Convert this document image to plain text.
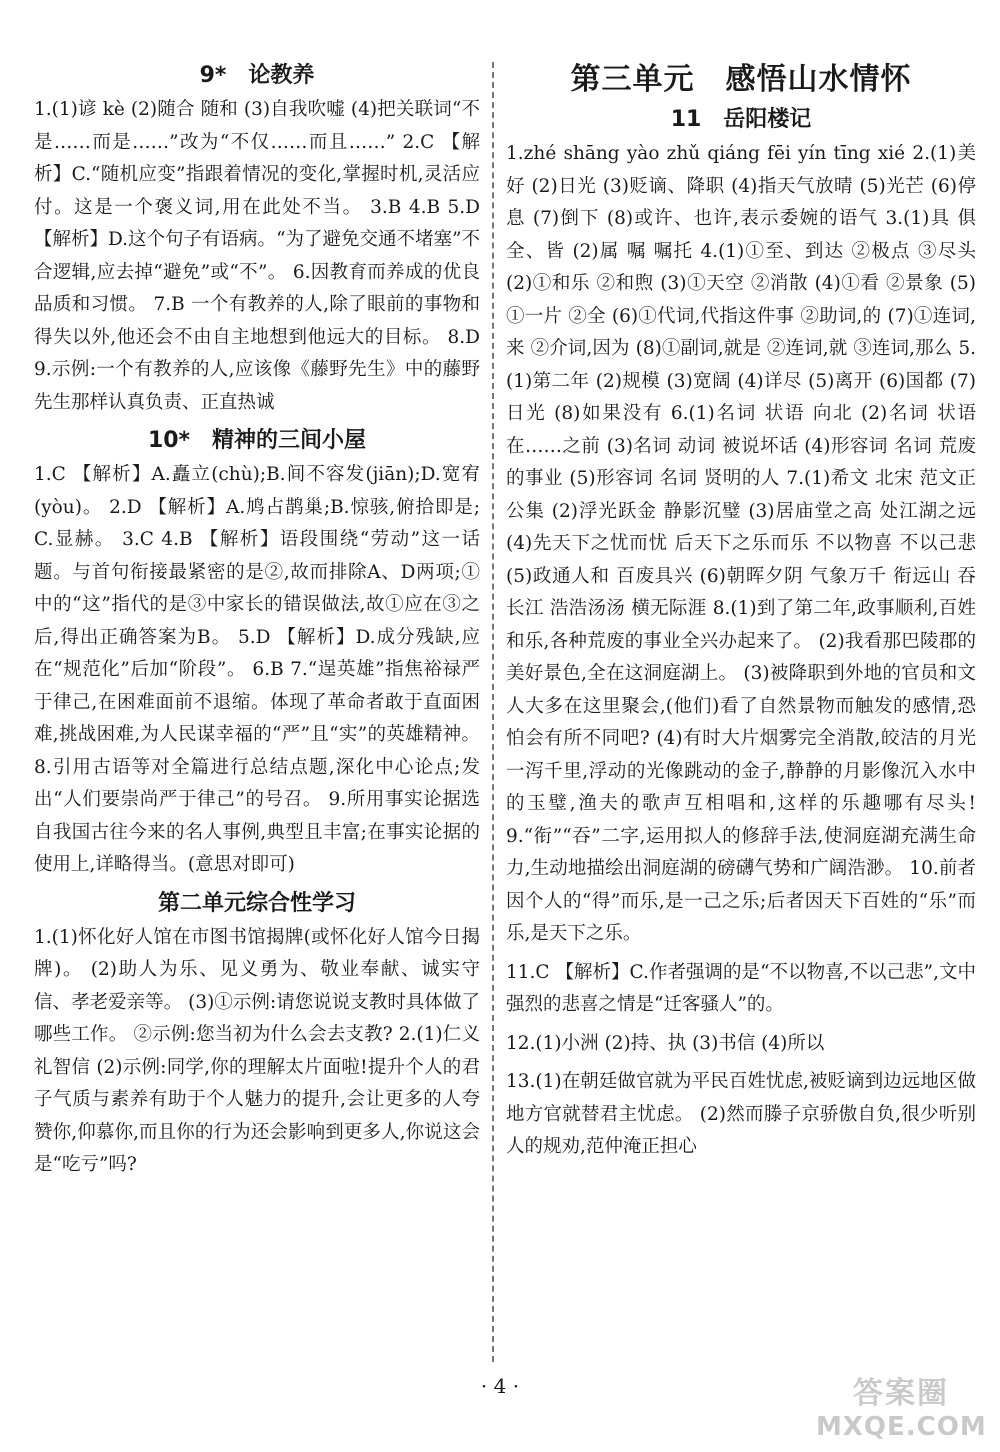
9*　论教养

1.(1)谚 kè (2)随合 随和 (3)自我吹嘘 (4)把关联词“不是……而是……”改为“不仅……而且……” 2.C 【解析】C.“随机应变”指跟着情况的变化,掌握时机,灵活应付。这是一个褒义词,用在此处不当。 3.B 4.B 5.D 【解析】D.这个句子有语病。“为了避免交通不堵塞”不合逻辑,应去掉“避免”或“不”。 6.因教育而养成的优良品质和习惯。 7.B 一个有教养的人,除了眼前的事物和得失以外,他还会不由自主地想到他远大的目标。 8.D 9.示例:一个有教养的人,应该像《藤野先生》中的藤野先生那样认真负责、正直热诚

10*　精神的三间小屋

1.C 【解析】A.矗立(chù);B.间不容发(jiān);D.宽宥(yòu)。 2.D 【解析】A.鸠占鹊巢;B.惊骇,俯拾即是;C.显赫。 3.C 4.B 【解析】语段围绕“劳动”这一话题。与首句衔接最紧密的是②,故而排除A、D两项;①中的“这”指代的是③中家长的错误做法,故①应在③之后,得出正确答案为B。 5.D 【解析】D.成分残缺,应在“规范化”后加“阶段”。 6.B 7.“逞英雄”指焦裕禄严于律己,在困难面前不退缩。体现了革命者敢于直面困难,挑战困难,为人民谋幸福的“严”且“实”的英雄精神。 8.引用古语等对全篇进行总结点题,深化中心论点;发出“人们要崇尚严于律己”的号召。 9.所用事实论据选自我国古往今来的名人事例,典型且丰富;在事实论据的使用上,详略得当。(意思对即可)

第二单元综合性学习

1.(1)怀化好人馆在市图书馆揭牌(或怀化好人馆今日揭牌)。 (2)助人为乐、见义勇为、敬业奉献、诚实守信、孝老爱亲等。 (3)①示例:请您说说支教时具体做了哪些工作。 ②示例:您当初为什么会去支教? 2.(1)仁义礼智信 (2)示例:同学,你的理解太片面啦!提升个人的君子气质与素养有助于个人魅力的提升,会让更多的人夸赞你,仰慕你,而且你的行为还会影响到更多人,你说这会是“吃亏”吗?

第三单元　感悟山水情怀
11　岳阳楼记

1.zhé shāng yào zhǔ qiáng fēi yín tīng xié 2.(1)美好 (2)日光 (3)贬谪、降职 (4)指天气放晴 (5)光芒 (6)停息 (7)倒下 (8)或许、也许,表示委婉的语气 3.(1)具 俱 全、皆 (2)属 嘱 嘱托 4.(1)①至、到达 ②极点 ③尽头 (2)①和乐 ②和煦 (3)①天空 ②消散 (4)①看 ②景象 (5)①一片 ②全 (6)①代词,代指这件事 ②助词,的 (7)①连词,来 ②介词,因为 (8)①副词,就是 ②连词,就 ③连词,那么 5.(1)第二年 (2)规模 (3)宽阔 (4)详尽 (5)离开 (6)国都 (7)日光 (8)如果没有 6.(1)名词 状语 向北 (2)名词 状语 在……之前 (3)名词 动词 被说坏话 (4)形容词 名词 荒废的事业 (5)形容词 名词 贤明的人 7.(1)希文 北宋 范文正公集 (2)浮光跃金 静影沉璧 (3)居庙堂之高 处江湖之远 (4)先天下之忧而忧 后天下之乐而乐 不以物喜 不以己悲 (5)政通人和 百废具兴 (6)朝晖夕阴 气象万千 衔远山 吞长江 浩浩汤汤 横无际涯 8.(1)到了第二年,政事顺利,百姓和乐,各种荒废的事业全兴办起来了。 (2)我看那巴陵郡的美好景色,全在这洞庭湖上。 (3)被降职到外地的官员和文人大多在这里聚会,(他们)看了自然景物而触发的感情,恐怕会有所不同吧? (4)有时大片烟雾完全消散,皎洁的月光一泻千里,浮动的光像跳动的金子,静静的月影像沉入水中的玉璧,渔夫的歌声互相唱和,这样的乐趣哪有尽头! 9.“衔”“吞”二字,运用拟人的修辞手法,使洞庭湖充满生命力,生动地描绘出洞庭湖的磅礴气势和广阔浩渺。 10.前者因个人的“得”而乐,是一己之乐;后者因天下百姓的“乐”而乐,是天下之乐。

11.C 【解析】C.作者强调的是“不以物喜,不以己悲”,文中强烈的悲喜之情是“迁客骚人”的。

12.(1)小洲 (2)持、执 (3)书信 (4)所以

13.(1)在朝廷做官就为平民百姓忧虑,被贬谪到边远地区做地方官就替君主忧虑。 (2)然而滕子京骄傲自负,很少听别人的规劝,范仲淹正担心

· 4 ·	答案圈
MXQE.COM
